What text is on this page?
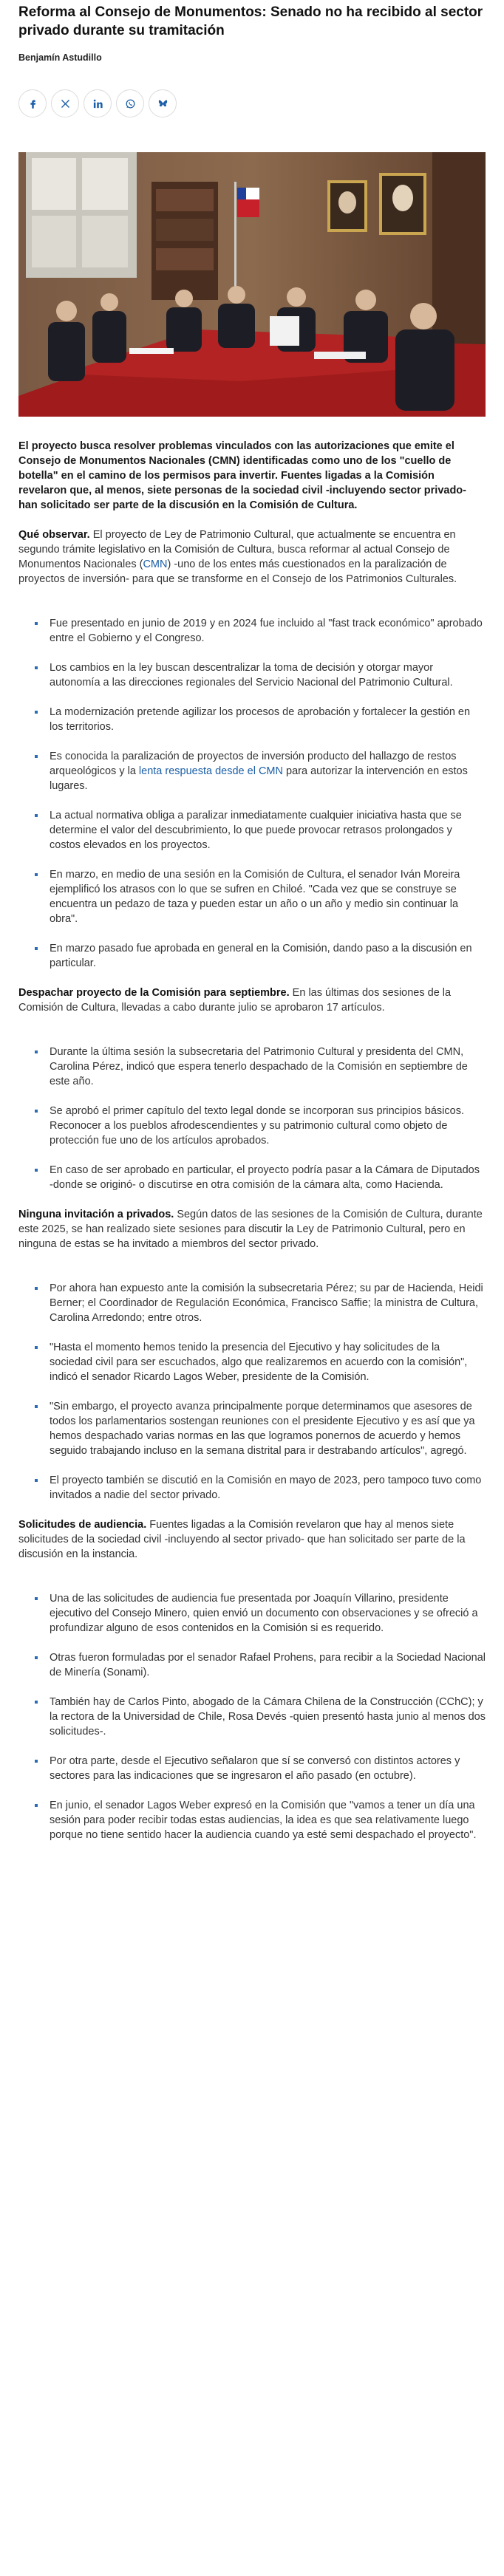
Reforma al Consejo de Monumentos: Senado no ha recibido al sector privado durante su tramitación
Benjamín Astudillo

El proyecto busca resolver problemas vinculados con las autorizaciones que emite el Consejo de Monumentos Nacionales (CMN) identificadas como uno de los "cuello de botella" en el camino de los permisos para invertir. Fuentes ligadas a la Comisión revelaron que, al menos, siete personas de la sociedad civil -incluyendo sector privado- han solicitado ser parte de la discusión en la Comisión de Cultura.

Qué observar. El proyecto de Ley de Patrimonio Cultural, que actualmente se encuentra en segundo trámite legislativo en la Comisión de Cultura, busca reformar al actual Consejo de Monumentos Nacionales (CMN) -uno de los entes más cuestionados en la paralización de proyectos de inversión- para que se transforme en el Consejo de los Patrimonios Culturales.

Fue presentado en junio de 2019 y en 2024 fue incluido al "fast track económico" aprobado entre el Gobierno y el Congreso.
Los cambios en la ley buscan descentralizar la toma de decisión y otorgar mayor autonomía a las direcciones regionales del Servicio Nacional del Patrimonio Cultural.
La modernización pretende agilizar los procesos de aprobación y fortalecer la gestión en los territorios.
Es conocida la paralización de proyectos de inversión producto del hallazgo de restos arqueológicos y la lenta respuesta desde el CMN para autorizar la intervención en estos lugares.
La actual normativa obliga a paralizar inmediatamente cualquier iniciativa hasta que se determine el valor del descubrimiento, lo que puede provocar retrasos prolongados y costos elevados en los proyectos.
En marzo, en medio de una sesión en la Comisión de Cultura, el senador Iván Moreira ejemplificó los atrasos con lo que se sufren en Chiloé. "Cada vez que se construye se encuentra un pedazo de taza y pueden estar un año o un año y medio sin continuar la obra".
En marzo pasado fue aprobada en general en la Comisión, dando paso a la discusión en particular.

Despachar proyecto de la Comisión para septiembre. En las últimas dos sesiones de la Comisión de Cultura, llevadas a cabo durante julio se aprobaron 17 artículos.

Durante la última sesión la subsecretaria del Patrimonio Cultural y presidenta del CMN, Carolina Pérez, indicó que espera tenerlo despachado de la Comisión en septiembre de este año.
Se aprobó el primer capítulo del texto legal donde se incorporan sus principios básicos. Reconocer a los pueblos afrodescendientes y su patrimonio cultural como objeto de protección fue uno de los artículos aprobados.
En caso de ser aprobado en particular, el proyecto podría pasar a la Cámara de Diputados -donde se originó- o discutirse en otra comisión de la cámara alta, como Hacienda.

Ninguna invitación a privados. Según datos de las sesiones de la Comisión de Cultura, durante este 2025, se han realizado siete sesiones para discutir la Ley de Patrimonio Cultural, pero en ninguna de estas se ha invitado a miembros del sector privado.

Por ahora han expuesto ante la comisión la subsecretaria Pérez; su par de Hacienda, Heidi Berner; el Coordinador de Regulación Económica, Francisco Saffie; la ministra de Cultura, Carolina Arredondo; entre otros.
"Hasta el momento hemos tenido la presencia del Ejecutivo y hay solicitudes de la sociedad civil para ser escuchados, algo que realizaremos en acuerdo con la comisión", indicó el senador Ricardo Lagos Weber, presidente de la Comisión.
"Sin embargo, el proyecto avanza principalmente porque determinamos que asesores de todos los parlamentarios sostengan reuniones con el presidente Ejecutivo y es así que ya hemos despachado varias normas en las que logramos ponernos de acuerdo y hemos seguido trabajando incluso en la semana distrital para ir destrabando artículos", agregó.
El proyecto también se discutió en la Comisión en mayo de 2023, pero tampoco tuvo como invitados a nadie del sector privado.

Solicitudes de audiencia. Fuentes ligadas a la Comisión revelaron que hay al menos siete solicitudes de la sociedad civil -incluyendo al sector privado- que han solicitado ser parte de la discusión en la instancia.

Una de las solicitudes de audiencia fue presentada por Joaquín Villarino, presidente ejecutivo del Consejo Minero, quien envió un documento con observaciones y se ofreció a profundizar alguno de esos contenidos en la Comisión si es requerido.
Otras fueron formuladas por el senador Rafael Prohens, para recibir a la Sociedad Nacional de Minería (Sonami).
También hay de Carlos Pinto, abogado de la Cámara Chilena de la Construcción (CChC); y la rectora de la Universidad de Chile, Rosa Devés -quien presentó hasta junio al menos dos solicitudes-.
Por otra parte, desde el Ejecutivo señalaron que sí se conversó con distintos actores y sectores para las indicaciones que se ingresaron el año pasado (en octubre).
En junio, el senador Lagos Weber expresó en la Comisión que "vamos a tener un día una sesión para poder recibir todas estas audiencias, la idea es que sea relativamente luego porque no tiene sentido hacer la audiencia cuando ya esté semi despachado el proyecto".
